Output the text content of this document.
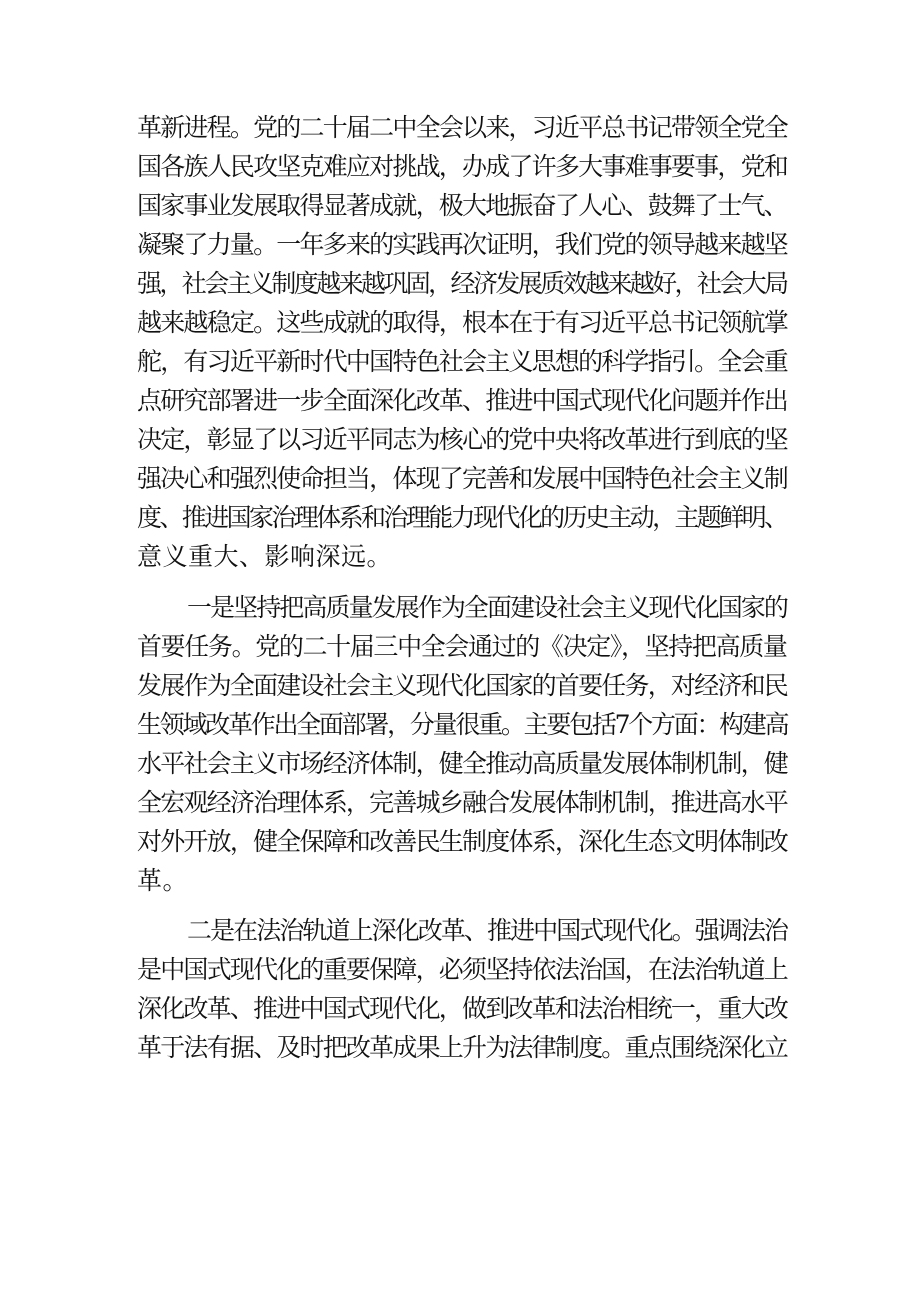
革新进程。党的二十届二中全会以来，习近平总书记带领全党全
国各族人民攻坚克难应对挑战，办成了许多大事难事要事，党和
国家事业发展取得显著成就，极大地振奋了人心、鼓舞了士气、
凝聚了力量。一年多来的实践再次证明，我们党的领导越来越坚
强，社会主义制度越来越巩固，经济发展质效越来越好，社会大局
越来越稳定。这些成就的取得，根本在于有习近平总书记领航掌
舵，有习近平新时代中国特色社会主义思想的科学指引。全会重
点研究部署进一步全面深化改革、推进中国式现代化问题并作出
决定，彰显了以习近平同志为核心的党中央将改革进行到底的坚
强决心和强烈使命担当，体现了完善和发展中国特色社会主义制
度、推进国家治理体系和治理能力现代化的历史主动，主题鲜明、
意义重大、影响深远。
一是坚持把高质量发展作为全面建设社会主义现代化国家的
首要任务。党的二十届三中全会通过的《决定》，坚持把高质量
发展作为全面建设社会主义现代化国家的首要任务，对经济和民
生领域改革作出全面部署，分量很重。主要包括7个方面：构建高
水平社会主义市场经济体制，健全推动高质量发展体制机制，健
全宏观经济治理体系，完善城乡融合发展体制机制，推进高水平
对外开放，健全保障和改善民生制度体系，深化生态文明体制改
革。
二是在法治轨道上深化改革、推进中国式现代化。强调法治
是中国式现代化的重要保障，必须坚持依法治国，在法治轨道上
深化改革、推进中国式现代化，做到改革和法治相统一，重大改
革于法有据、及时把改革成果上升为法律制度。重点围绕深化立
